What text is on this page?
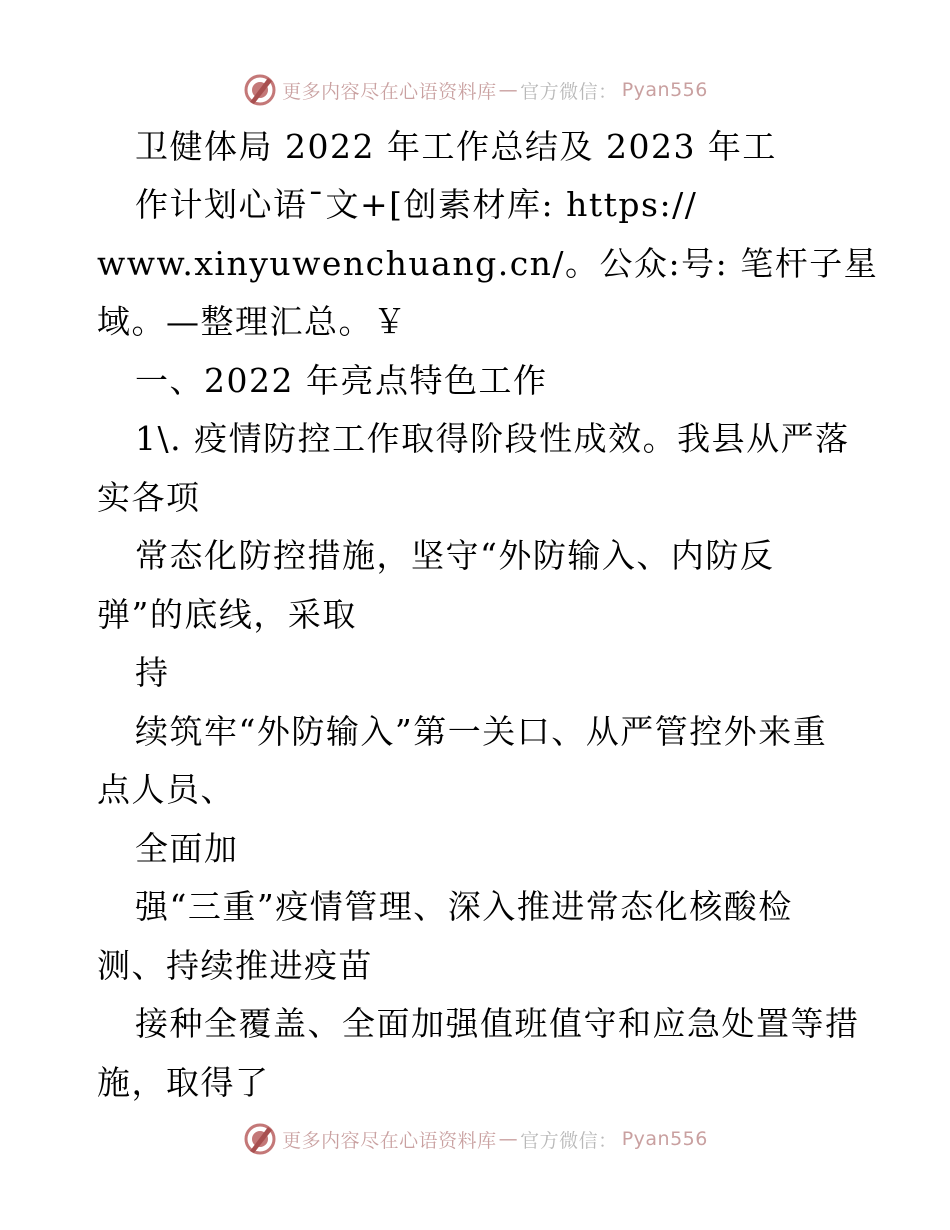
更多内容尽在心语资料库 — 官方微信： Pyan556
卫健体局 2022 年工作总结及 2023 年工
作计划心语¯文+[创素材库: https://
www.xinyuwenchuang.cn/。公众:号: 笔杆子星
域。—整理汇总。￥
一、2022 年亮点特色工作
1\. 疫情防控工作取得阶段性成效。我县从严落
实各项
常态化防控措施，坚守“外防输入、内防反
弹”的底线，采取
持
续筑牢“外防输入”第一关口、从严管控外来重
点人员、
全面加
强“三重”疫情管理、深入推进常态化核酸检
测、持续推进疫苗
接种全覆盖、全面加强值班值守和应急处置等措
施，取得了
更多内容尽在心语资料库 — 官方微信： Pyan556
